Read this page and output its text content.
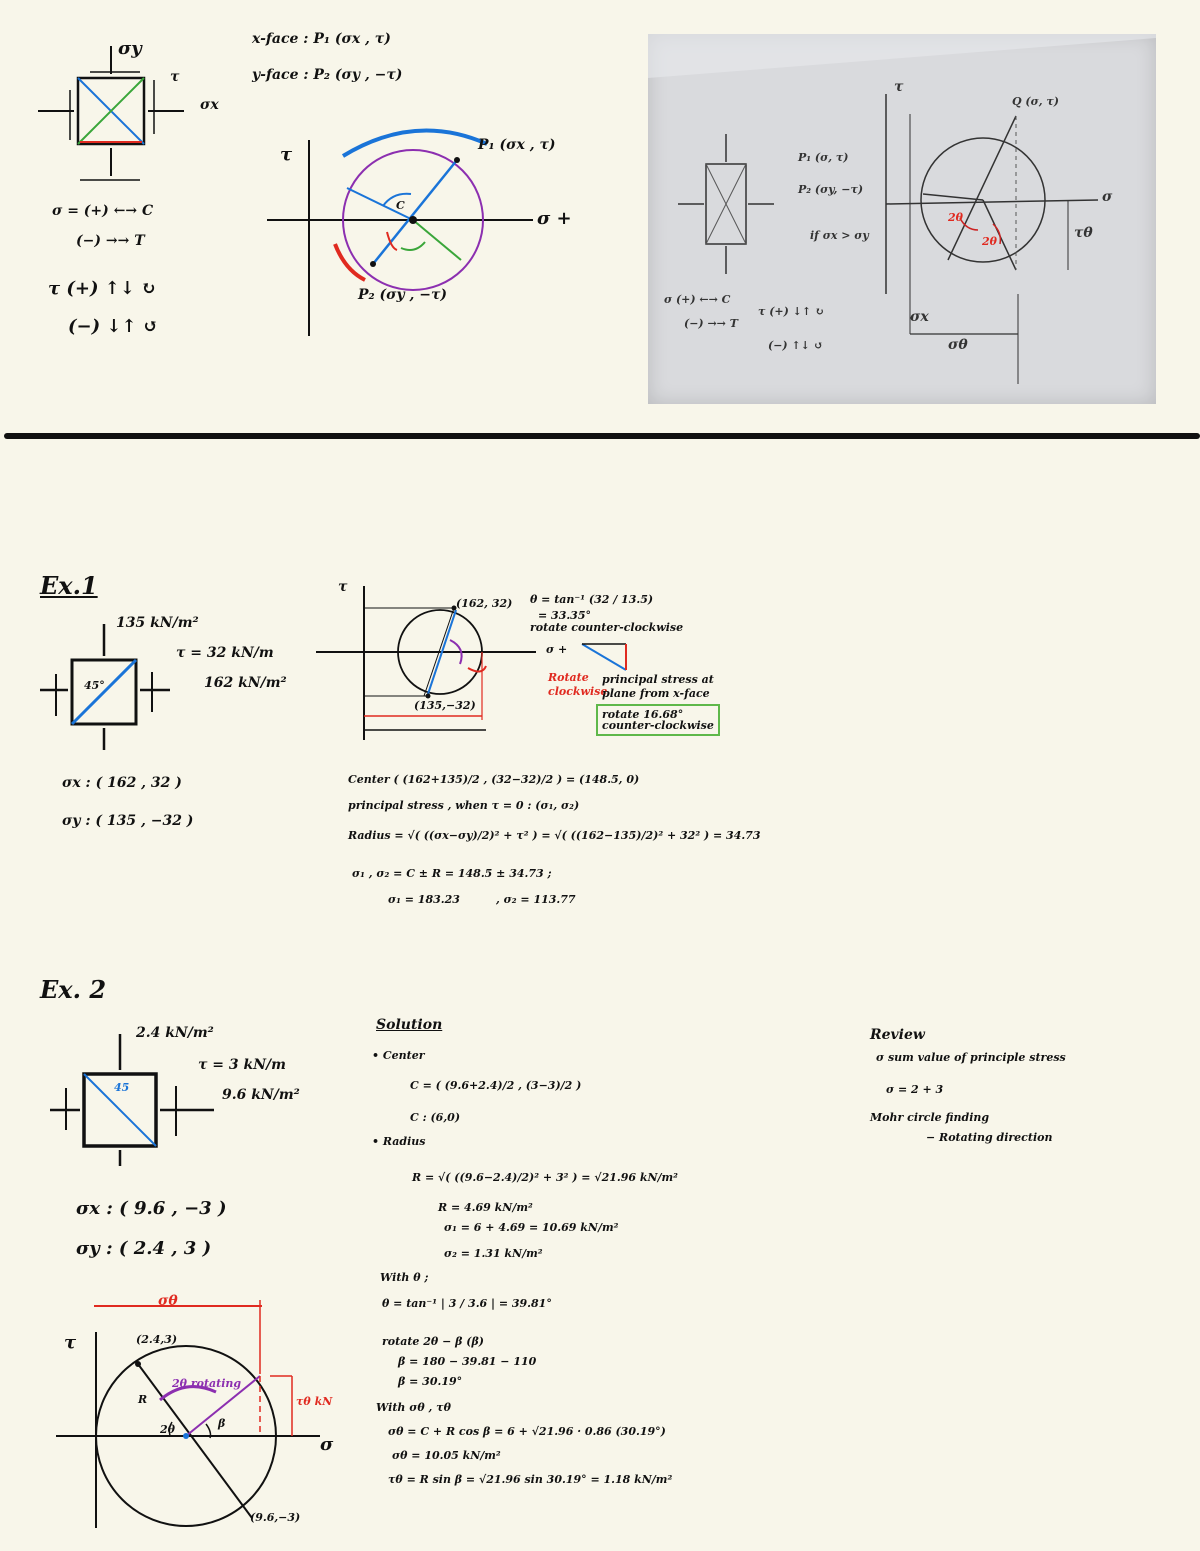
σy
τ
σx
x-face : P₁ (σx , τ)
y-face : P₂ (σy , −τ)
σ = (+) ←→ C
(−) →→ T
τ (+) ↑↓ ↻
(−) ↓↑ ↺
τ
σ +
P₁ (σx , τ)
P₂ (σy , −τ)
C
Q (σ, τ)
P₁ (σ, τ)
P₂ (σy, −τ)
if σx > σy
σ (+) ←→ C
(−) →→ T
τ (+) ↓↑ ↻
(−) ↑↓ ↺
σ
τ
τθ
σθ
σx
2θ
2θ
Ex.1
135 kN/m²
τ = 32 kN/m
162 kN/m²
45°
σx : ( 162 , 32 )
σy : ( 135 , −32 )
τ
σ +
(162, 32)
(135,−32)
θ = tan⁻¹ (32 / 13.5)
= 33.35°
rotate counter-clockwise
Rotate
clockwise
principal stress at
plane from x-face
rotate 16.68°
counter-clockwise
Center ( (162+135)/2 , (32−32)/2 ) = (148.5, 0)
principal stress , when τ = 0 : (σ₁, σ₂)
Radius = √( ((σx−σy)/2)² + τ² ) = √( ((162−135)/2)² + 32² ) = 34.73
σ₁ , σ₂ = C ± R = 148.5 ± 34.73 ;
σ₁ = 183.23	, σ₂ = 113.77
Ex. 2
2.4 kN/m²
τ = 3 kN/m
9.6 kN/m²
45
σx : ( 9.6 , −3 )
σy : ( 2.4 , 3 )
σθ
τ
σ
(2.4,3)
(9.6,−3)
τθ kN
2θ rotating
β
2θ
R
Solution
• Center
C = ( (9.6+2.4)/2 , (3−3)/2 )
C : (6,0)
• Radius
R = √( ((9.6−2.4)/2)² + 3² ) = √21.96 kN/m²
R = 4.69 kN/m²
σ₁ = 6 + 4.69 = 10.69 kN/m²
σ₂ = 1.31 kN/m²
With θ ;
θ = tan⁻¹ | 3 / 3.6 | = 39.81°
rotate 2θ − β (β)
β = 180 − 39.81 − 110
β = 30.19°
With σθ , τθ
σθ = C + R cos β = 6 + √21.96 · 0.86 (30.19°)
σθ = 10.05 kN/m²
τθ = R sin β = √21.96 sin 30.19° = 1.18 kN/m²
Review
σ sum value of principle stress
σ = 2 + 3
Mohr circle finding
− Rotating direction
